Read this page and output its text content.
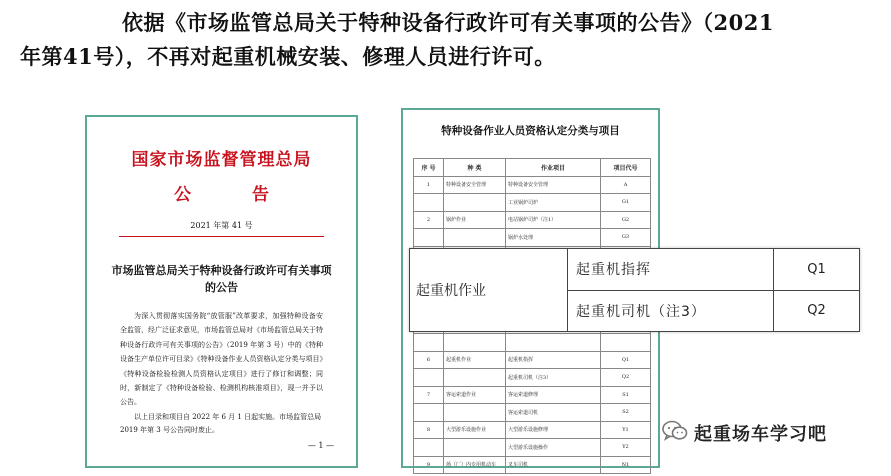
依据《市场监管总局关于特种设备行政许可有关事项的公告》（2021
年第41号），不再对起重机械安装、修理人员进行许可。
国家市场监督管理总局
公　告
2021 年第 41 号
市场监管总局关于特种设备行政许可有关事项的公告
为深入贯彻落实国务院“放管服”改革要求，加强特种设备安全监管，经广泛征求意见，市场监管总局对《市场监管总局关于特种设备行政许可有关事项的公告》（2019 年第 3 号）中的《特种设备生产单位许可目录》《特种设备作业人员资格认定分类与项目》《特种设备检验检测人员资格认定项目》进行了修订和调整；同时，新制定了《特种设备检验、检测机构核准项目》，现一并予以公告。
以上目录和项目自 2022 年 6 月 1 日起实施。市场监管总局 2019 年第 3 号公告同时废止。
— 1 —
特种设备作业人员资格认定分类与项目
序 号	种 类	作业项目	项目代号
1	特种设备安全管理	特种设备安全管理	A
		工业锅炉司炉	G1
2	锅炉作业	电站锅炉司炉（注1）	G2
		锅炉水处理	G3

6	起重机作业	起重机指挥	Q1
		起重机司机（注3）	Q2
7	客运索道作业	客运索道修理	S1
		客运索道司机	S2
8	大型游乐设施作业	大型游乐设施修理	Y1
		大型游乐设施操作	Y2
9	场（厂）内专用机动车	叉车司机	N1
起重机作业	起重机指挥	Q1
	起重机司机（注3）	Q2
起重场车学习吧
